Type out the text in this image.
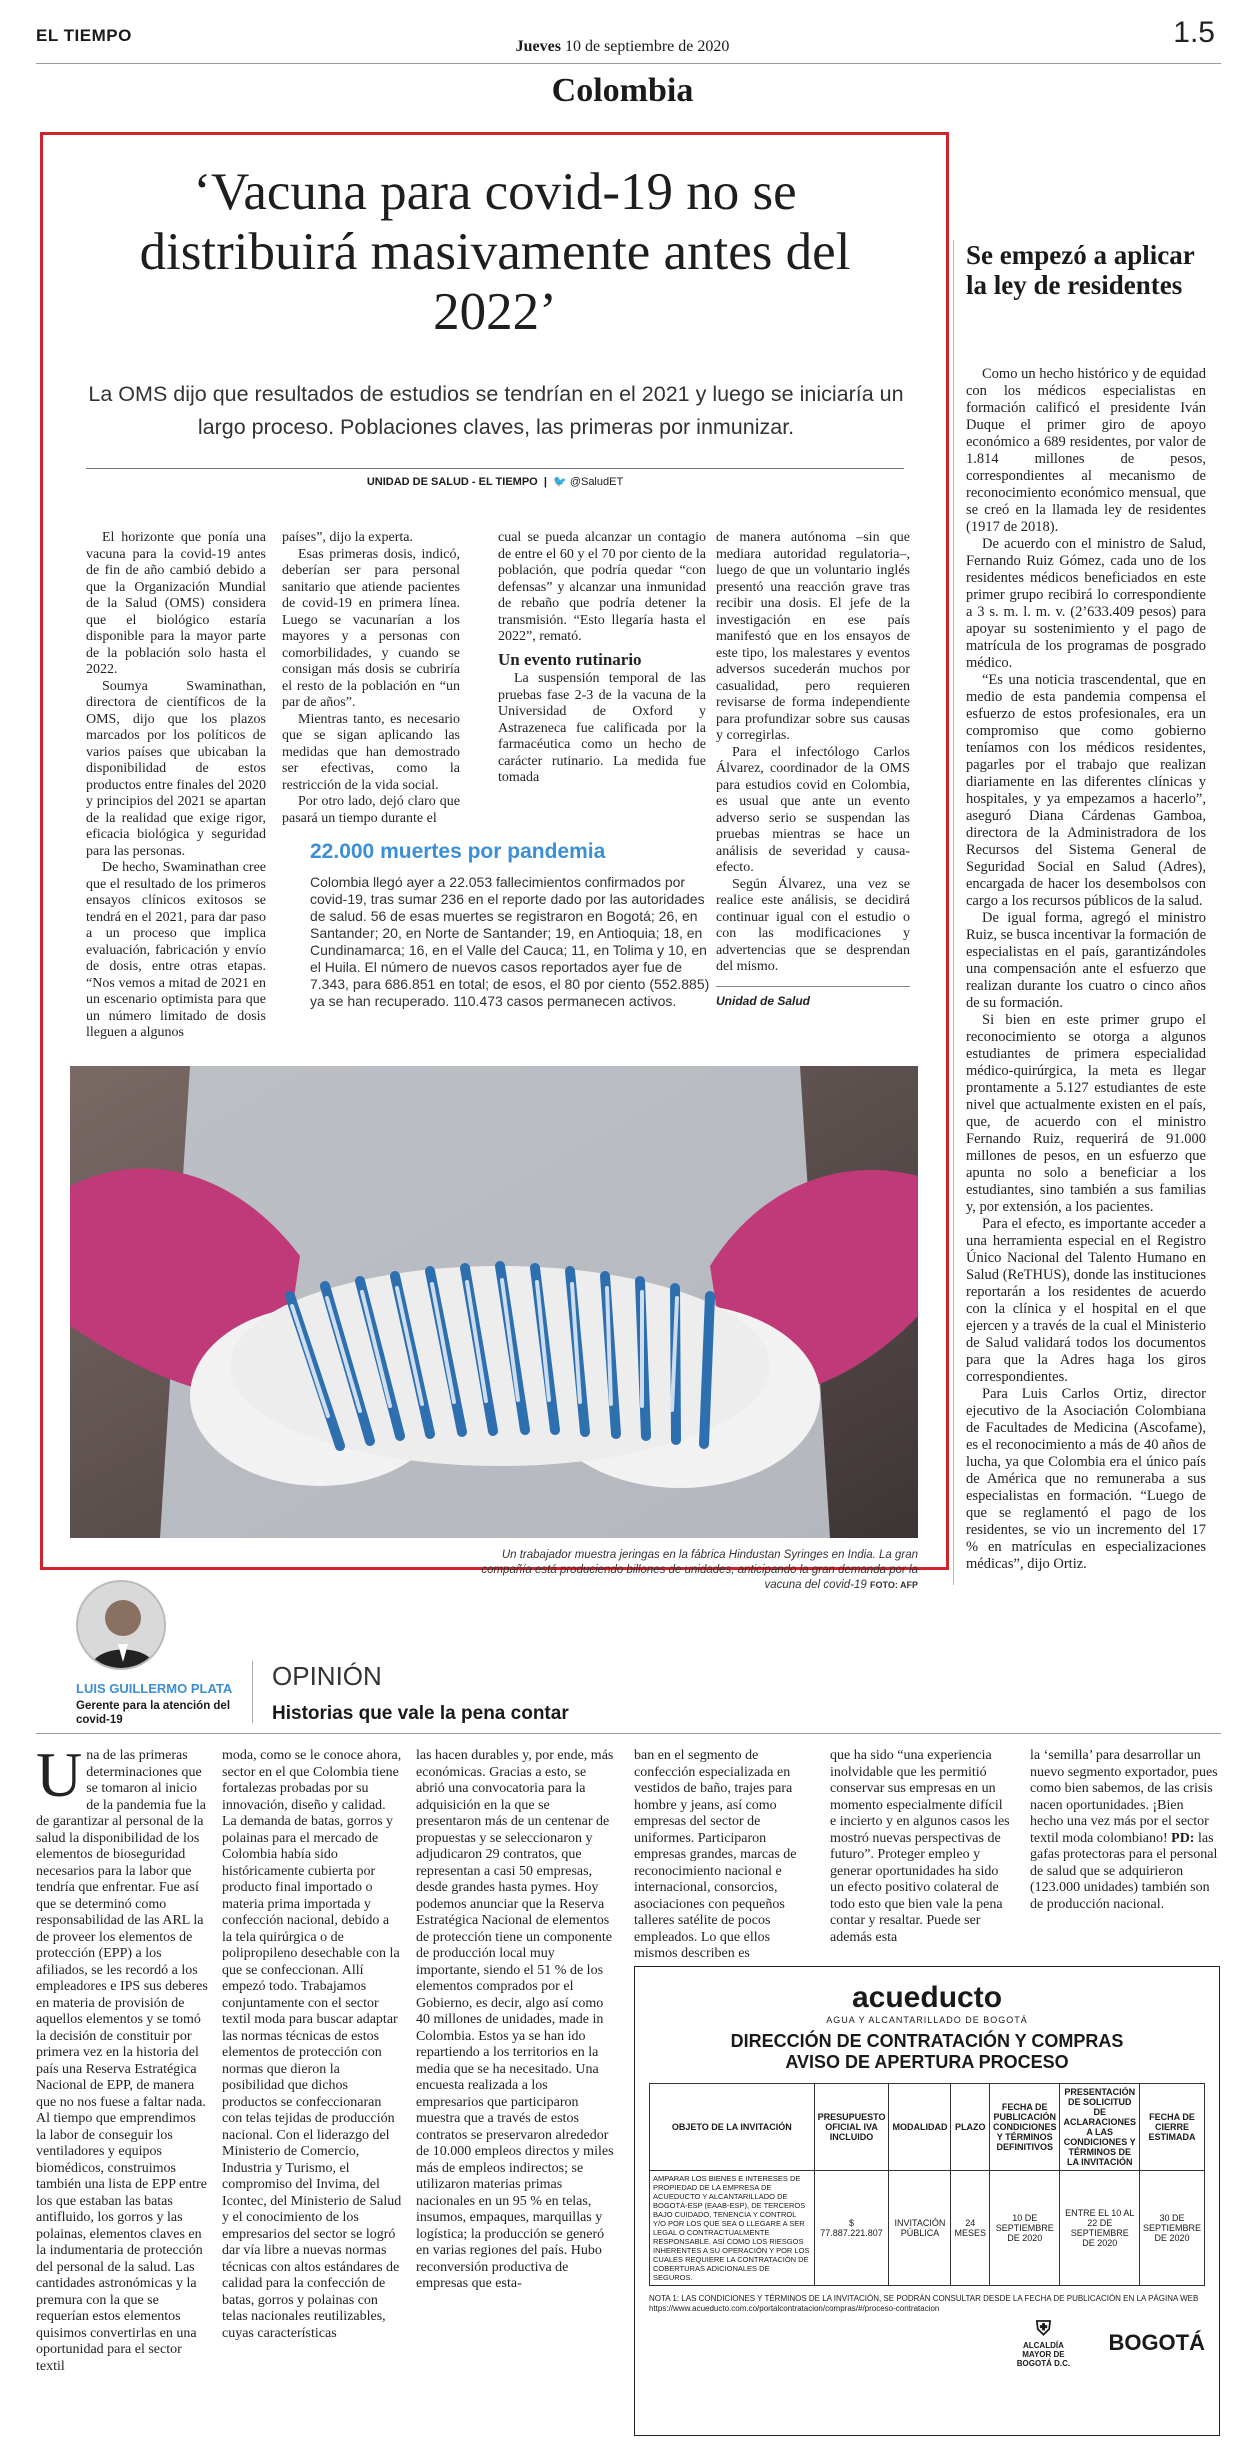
EL TIEMPO
Jueves 10 de septiembre de 2020	1.5
Colombia
‘Vacuna para covid-19 no se distribuirá masivamente antes del 2022’
La OMS dijo que resultados de estudios se tendrían en el 2021 y luego se iniciaría un largo proceso. Poblaciones claves, las primeras por inmunizar.
UNIDAD DE SALUD - EL TIEMPO  |  🐦 @SaludET

El horizonte que ponía una vacuna para la covid-19 antes de fin de año cambió debido a que la Organización Mundial de la Salud (OMS) considera que el biológico estaría disponible para la mayor parte de la población solo hasta el 2022.

Soumya Swaminathan, directora de científicos de la OMS, dijo que los plazos marcados por los políticos de varios países que ubicaban la disponibilidad de estos productos entre finales del 2020 y principios del 2021 se apartan de la realidad que exige rigor, eficacia biológica y seguridad para las personas.

De hecho, Swaminathan cree que el resultado de los primeros ensayos clínicos exitosos se tendrá en el 2021, para dar paso a un proceso que implica evaluación, fabricación y envío de dosis, entre otras etapas. “Nos vemos a mitad de 2021 en un escenario optimista para que un número limitado de dosis lleguen a algunos

países”, dijo la experta.

Esas primeras dosis, indicó, deberían ser para personal sanitario que atiende pacientes de covid-19 en primera línea. Luego se vacunarían a los mayores y a personas con comorbilidades, y cuando se consigan más dosis se cubriría el resto de la población en “un par de años”.

Mientras tanto, es necesario que se sigan aplicando las medidas que han demostrado ser efectivas, como la restricción de la vida social.

Por otro lado, dejó claro que pasará un tiempo durante el

cual se pueda alcanzar un contagio de entre el 60 y el 70 por ciento de la población, que podría quedar “con defensas” y alcanzar una inmunidad de rebaño que podría detener la transmisión. “Esto llegaría hasta el 2022”, remató.

Un evento rutinario

La suspensión temporal de las pruebas fase 2-3 de la vacuna de la Universidad de Oxford y Astrazeneca fue calificada por la farmacéutica como un hecho de carácter rutinario. La medida fue tomada

de manera autónoma –sin que mediara autoridad regulatoria–, luego de que un voluntario inglés presentó una reacción grave tras recibir una dosis. El jefe de la investigación en ese país manifestó que en los ensayos de este tipo, los malestares y eventos adversos sucederán muchos por casualidad, pero requieren revisarse de forma independiente para profundizar sobre sus causas y corregirlas.

Para el infectólogo Carlos Álvarez, coordinador de la OMS para estudios covid en Colombia, es usual que ante un evento adverso serio se suspendan las pruebas mientras se hace un análisis de severidad y causa-efecto.

Según Álvarez, una vez se realice este análisis, se decidirá continuar igual con el estudio o con las modificaciones y advertencias que se desprendan del mismo.

Unidad de Salud
22.000 muertes por pandemia
Colombia llegó ayer a 22.053 fallecimientos confirmados por covid-19, tras sumar 236 en el reporte dado por las autoridades de salud. 56 de esas muertes se registraron en Bogotá; 26, en Santander; 20, en Norte de Santander; 19, en Antioquia; 18, en Cundinamarca; 16, en el Valle del Cauca; 11, en Tolima y 10, en el Huila. El número de nuevos casos reportados ayer fue de 7.343, para 686.851 en total; de esos, el 80 por ciento (552.885) ya se han recuperado. 110.473 casos permanecen activos.
Un trabajador muestra jeringas en la fábrica Hindustan Syringes en India. La gran compañía está produciendo billones de unidades, anticipando la gran demanda por la vacuna del covid-19 FOTO: AFP
Se empezó a aplicar la ley de residentes

Como un hecho histórico y de equidad con los médicos especialistas en formación calificó el presidente Iván Duque el primer giro de apoyo económico a 689 residentes, por valor de 1.814 millones de pesos, correspondientes al mecanismo de reconocimiento económico mensual, que se creó en la llamada ley de residentes (1917 de 2018).

De acuerdo con el ministro de Salud, Fernando Ruiz Gómez, cada uno de los residentes médicos beneficiados en este primer grupo recibirá lo correspondiente a 3 s. m. l. m. v. (2’633.409 pesos) para apoyar su sostenimiento y el pago de matrícula de los programas de posgrado médico.

“Es una noticia trascendental, que en medio de esta pandemia compensa el esfuerzo de estos profesionales, era un compromiso que como gobierno teníamos con los médicos residentes, pagarles por el trabajo que realizan diariamente en las diferentes clínicas y hospitales, y ya empezamos a hacerlo”, aseguró Diana Cárdenas Gamboa, directora de la Administradora de los Recursos del Sistema General de Seguridad Social en Salud (Adres), encargada de hacer los desembolsos con cargo a los recursos públicos de la salud.

De igual forma, agregó el ministro Ruiz, se busca incentivar la formación de especialistas en el país, garantizándoles una compensación ante el esfuerzo que realizan durante los cuatro o cinco años de su formación.

Si bien en este primer grupo el reconocimiento se otorga a algunos estudiantes de primera especialidad médico-quirúrgica, la meta es llegar prontamente a 5.127 estudiantes de este nivel que actualmente existen en el país, que, de acuerdo con el ministro Fernando Ruiz, requerirá de 91.000 millones de pesos, en un esfuerzo que apunta no solo a beneficiar a los estudiantes, sino también a sus familias y, por extensión, a los pacientes.

Para el efecto, es importante acceder a una herramienta especial en el Registro Único Nacional del Talento Humano en Salud (ReTHUS), donde las instituciones reportarán a los residentes de acuerdo con la clínica y el hospital en el que ejercen y a través de la cual el Ministerio de Salud validará todos los documentos para que la Adres haga los giros correspondientes.

Para Luis Carlos Ortiz, director ejecutivo de la Asociación Colombiana de Facultades de Medicina (Ascofame), es el reconocimiento a más de 40 años de lucha, ya que Colombia era el único país de América que no remuneraba a sus especialistas en formación. “Luego de que se reglamentó el pago de los residentes, se vio un incremento del 17 % en matrículas en especializaciones médicas”, dijo Ortiz.

LUIS GUILLERMO PLATA
Gerente para la atención del covid-19
OPINIÓN
Historias que vale la pena contar
Una de las primeras determinaciones que se tomaron al inicio de la pandemia fue la de garantizar al personal de la salud la disponibilidad de los elementos de bioseguridad necesarios para la labor que tendría que enfrentar. Fue así que se determinó como responsabilidad de las ARL la de proveer los elementos de protección (EPP) a los afiliados, se les recordó a los empleadores e IPS sus deberes en materia de provisión de aquellos elementos y se tomó la decisión de constituir por primera vez en la historia del país una Reserva Estratégica Nacional de EPP, de manera que no nos fuese a faltar nada. Al tiempo que emprendimos la labor de conseguir los ventiladores y equipos biomédicos, construimos también una lista de EPP entre los que estaban las batas antifluido, los gorros y las polainas, elementos claves en la indumentaria de protección del personal de la salud. Las cantidades astronómicas y la premura con la que se requerían estos elementos quisimos convertirlas en una oportunidad para el sector textil
moda, como se le conoce ahora, sector en el que Colombia tiene fortalezas probadas por su innovación, diseño y calidad. La demanda de batas, gorros y polainas para el mercado de Colombia había sido históricamente cubierta por producto final importado o materia prima importada y confección nacional, debido a la tela quirúrgica o de polipropileno desechable con la que se confeccionan. Allí empezó todo. Trabajamos conjuntamente con el sector textil moda para buscar adaptar las normas técnicas de estos elementos de protección con normas que dieron la posibilidad que dichos productos se confeccionaran con telas tejidas de producción nacional. Con el liderazgo del Ministerio de Comercio, Industria y Turismo, el compromiso del Invima, del Icontec, del Ministerio de Salud y el conocimiento de los empresarios del sector se logró dar vía libre a nuevas normas técnicas con altos estándares de calidad para la confección de batas, gorros y polainas con telas nacionales reutilizables, cuyas características
las hacen durables y, por ende, más económicas. Gracias a esto, se abrió una convocatoria para la adquisición en la que se presentaron más de un centenar de propuestas y se seleccionaron y adjudicaron 29 contratos, que representan a casi 50 empresas, desde grandes hasta pymes. Hoy podemos anunciar que la Reserva Estratégica Nacional de elementos de protección tiene un componente de producción local muy importante, siendo el 51 % de los elementos comprados por el Gobierno, es decir, algo así como 40 millones de unidades, made in Colombia. Estos ya se han ido repartiendo a los territorios en la media que se ha necesitado. Una encuesta realizada a los empresarios que participaron muestra que a través de estos contratos se preservaron alrededor de 10.000 empleos directos y miles más de empleos indirectos; se utilizaron materias primas nacionales en un 95 % en telas, insumos, empaques, marquillas y logística; la producción se generó en varias regiones del país. Hubo reconversión productiva de empresas que esta-
ban en el segmento de confección especializada en vestidos de baño, trajes para hombre y jeans, así como empresas del sector de uniformes. Participaron empresas grandes, marcas de reconocimiento nacional e internacional, consorcios, asociaciones con pequeños talleres satélite de pocos empleados. Lo que ellos mismos describen es
que ha sido “una experiencia inolvidable que les permitió conservar sus empresas en un momento especialmente difícil e incierto y en algunos casos les mostró nuevas perspectivas de futuro”. Proteger empleo y generar oportunidades ha sido un efecto positivo colateral de todo esto que bien vale la pena contar y resaltar. Puede ser además esta
la ‘semilla’ para desarrollar un nuevo segmento exportador, pues como bien sabemos, de las crisis nacen oportunidades. ¡Bien hecho una vez más por el sector textil moda colombiano! PD: las gafas protectoras para el personal de salud que se adquirieron (123.000 unidades) también son de producción nacional.
acueducto
AGUA Y ALCANTARILLADO DE BOGOTÁ
DIRECCIÓN DE CONTRATACIÓN Y COMPRAS
AVISO DE APERTURA PROCESO
OBJETO DE LA INVITACIÓN	PRESUPUESTO OFICIAL IVA INCLUIDO	MODALIDAD	PLAZO	FECHA DE PUBLICACIÓN CONDICIONES Y TÉRMINOS DEFINITIVOS	PRESENTACIÓN DE SOLICITUD DE ACLARACIONES A LAS CONDICIONES Y TÉRMINOS DE LA INVITACIÓN	FECHA DE CIERRE ESTIMADA
AMPARAR LOS BIENES E INTERESES DE PROPIEDAD DE LA EMPRESA DE ACUEDUCTO Y ALCANTARILLADO DE BOGOTÁ-ESP (EAAB-ESP), DE TERCEROS BAJO CUIDADO, TENENCIA Y CONTROL Y/O POR LOS QUE SEA O LLEGARE A SER LEGAL O CONTRACTUALMENTE RESPONSABLE. ASÍ COMO LOS RIESGOS INHERENTES A SU OPERACIÓN Y POR LOS CUALES REQUIERE LA CONTRATACIÓN DE COBERTURAS ADICIONALES DE SEGUROS.	$ 77.887.221.807	INVITACIÓN PÚBLICA	24 MESES	10 DE SEPTIEMBRE DE 2020	ENTRE EL 10 AL 22 DE SEPTIEMBRE DE 2020	30 DE SEPTIEMBRE DE 2020
NOTA 1: LAS CONDICIONES Y TÉRMINOS DE LA INVITACIÓN, SE PODRÁN CONSULTAR DESDE LA FECHA DE PUBLICACIÓN EN LA PÁGINA WEB https://www.acueducto.com.co/portalcontratacion/compras/#/proceso-contratacion
⛨
ALCALDÍA MAYOR DE BOGOTÁ D.C.
BOGOTÁ
